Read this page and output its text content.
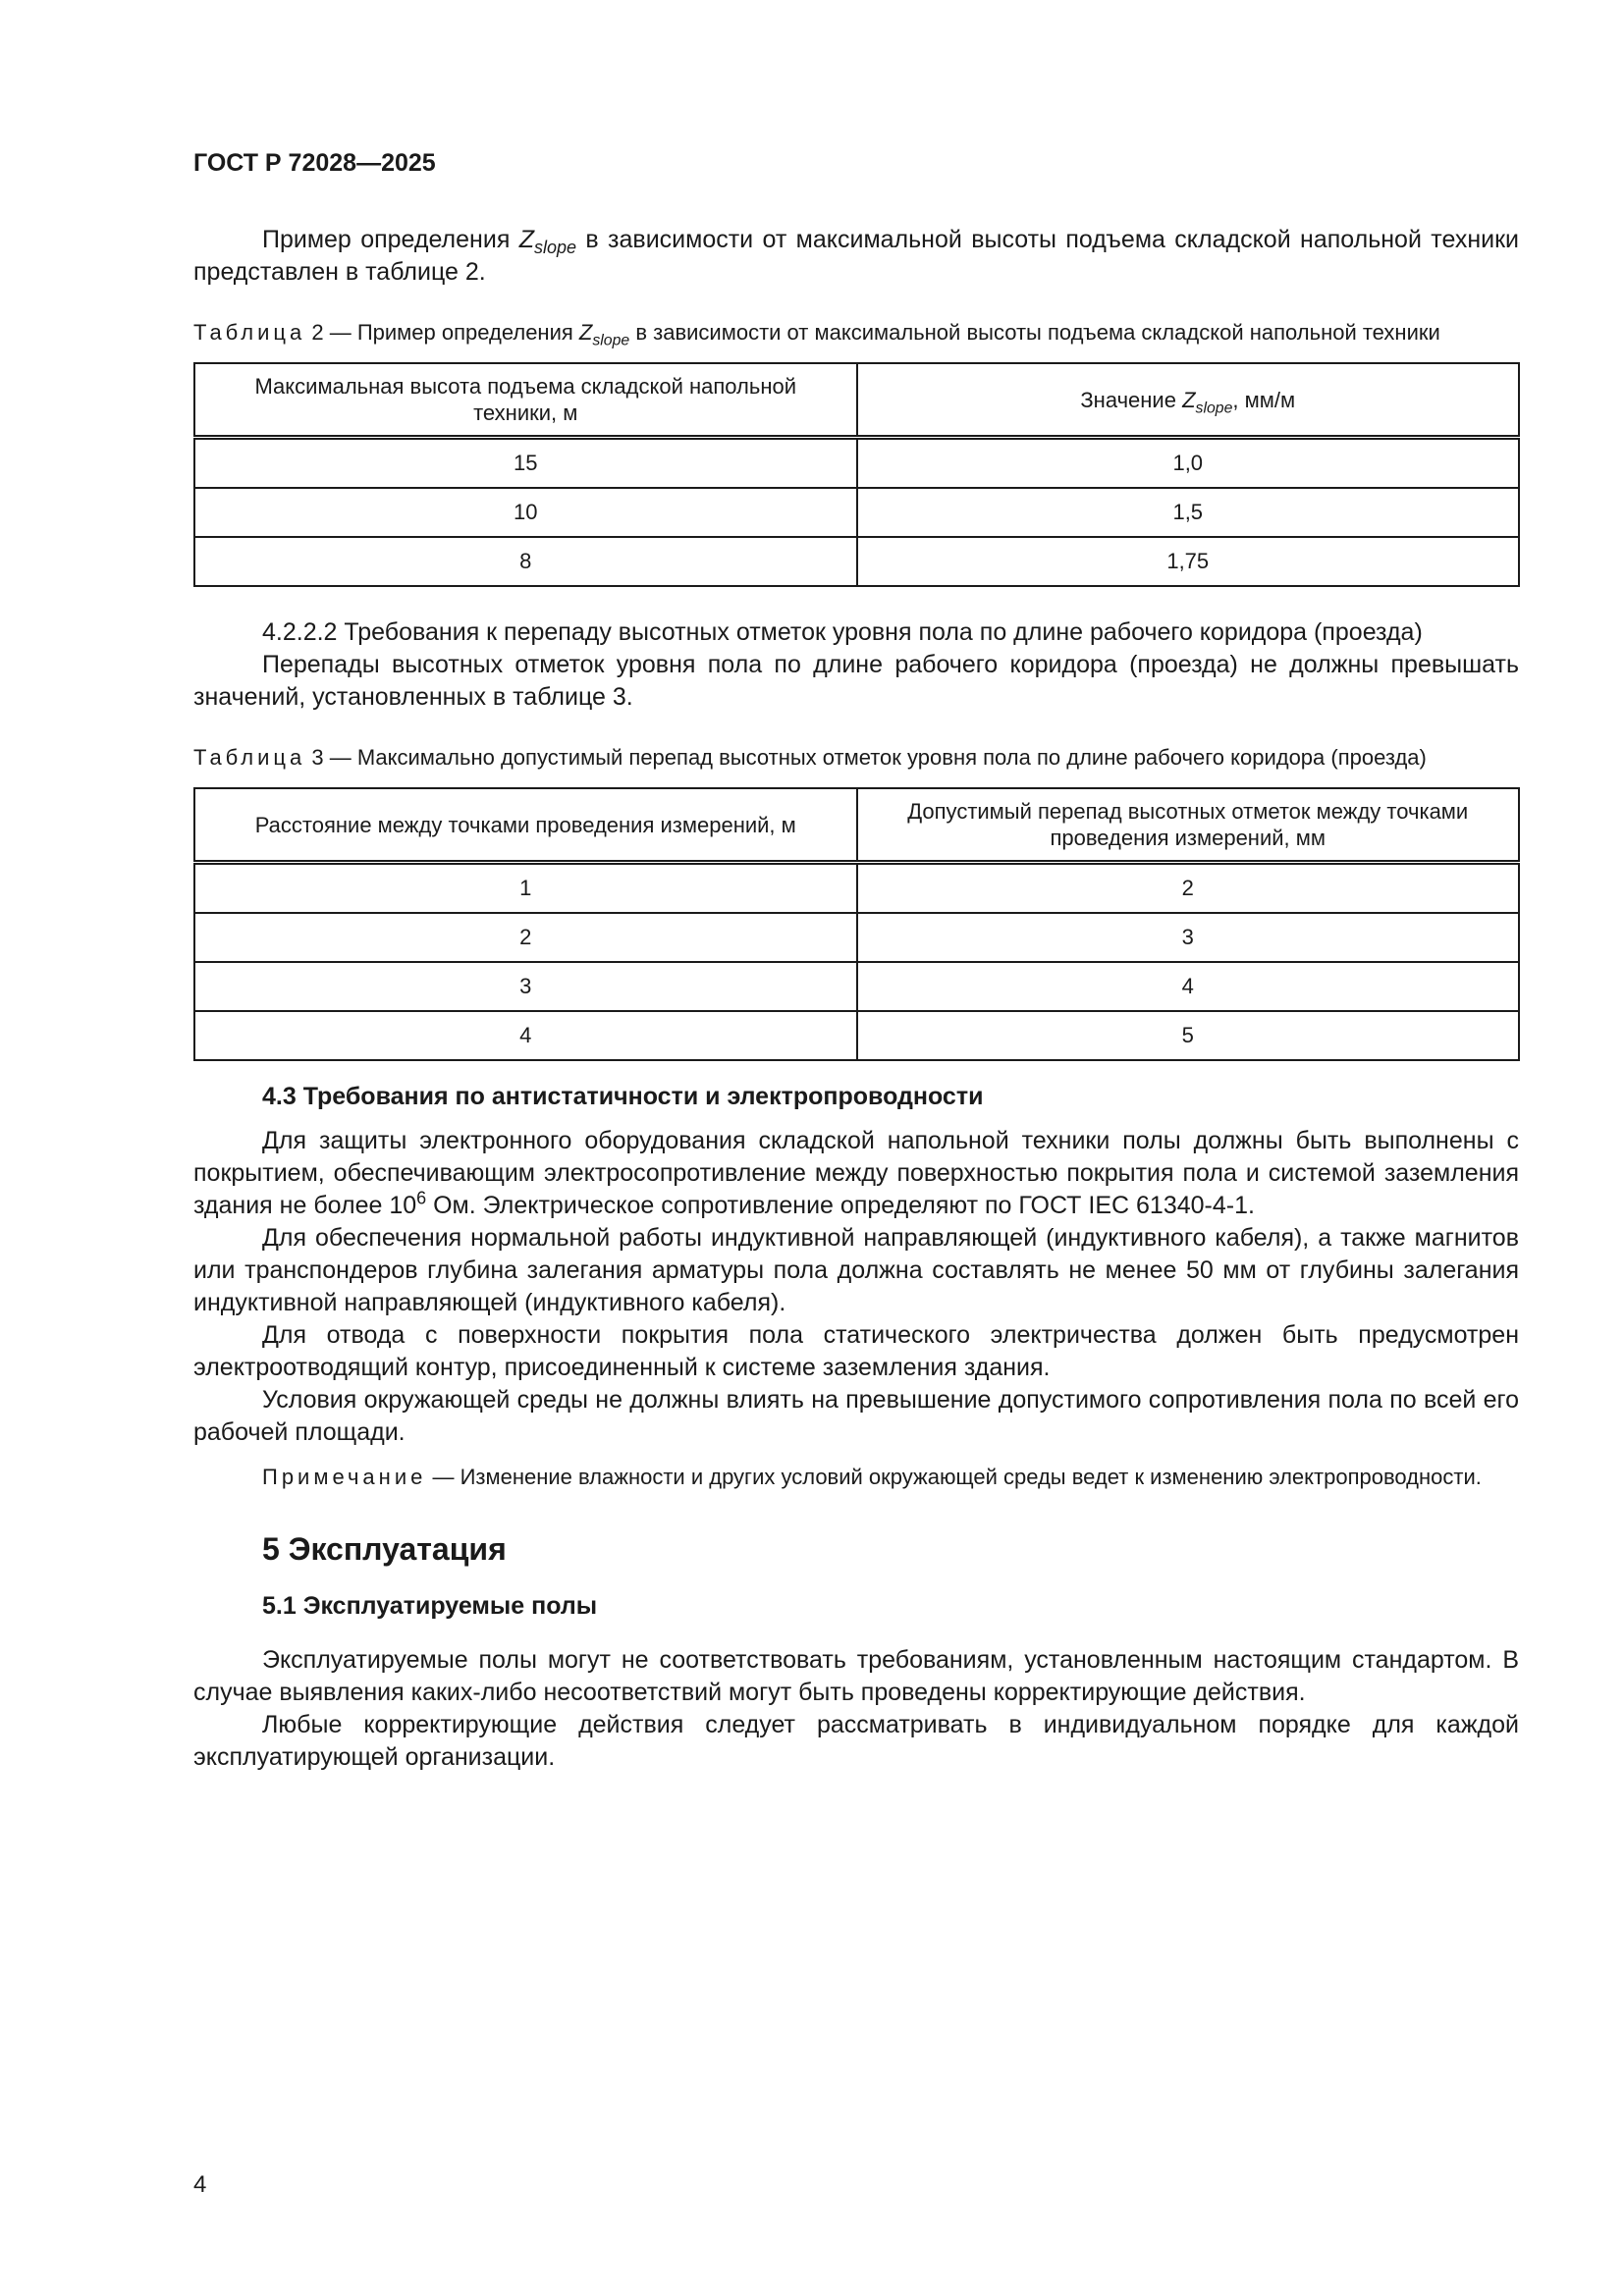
ГОСТ Р 72028—2025

Пример определения $Z_{slope}$ в зависимости от максимальной высоты подъема складской напольной техники представлен в таблице 2.

Таблица 2 — Пример определения $Z_{slope}$ в зависимости от максимальной высоты подъема складской напольной техники

Максимальная высота подъема складской напольной техники, м	Значение $Z_{slope}$, мм/м
15	1,0
10	1,5
8	1,75

4.2.2.2 Требования к перепаду высотных отметок уровня пола по длине рабочего коридора (проезда)

Перепады высотных отметок уровня пола по длине рабочего коридора (проезда) не должны превышать значений, установленных в таблице 3.

Таблица 3 — Максимально допустимый перепад высотных отметок уровня пола по длине рабочего коридора (проезда)

Расстояние между точками проведения измерений, м	Допустимый перепад высотных отметок между точками проведения измерений, мм
1	2
2	3
3	4
4	5
4.3 Требования по антистатичности и электропроводности

Для защиты электронного оборудования складской напольной техники полы должны быть выполнены с покрытием, обеспечивающим электросопротивление между поверхностью покрытия пола и системой заземления здания не более $10^6$ Ом. Электрическое сопротивление определяют по ГОСТ IEC 61340-4-1.

Для обеспечения нормальной работы индуктивной направляющей (индуктивного кабеля), а также магнитов или транспондеров глубина залегания арматуры пола должна составлять не менее 50 мм от глубины залегания индуктивной направляющей (индуктивного кабеля).

Для отвода с поверхности покрытия пола статического электричества должен быть предусмотрен электроотводящий контур, присоединенный к системе заземления здания.

Условия окружающей среды не должны влиять на превышение допустимого сопротивления пола по всей его рабочей площади.

Примечание — Изменение влажности и других условий окружающей среды ведет к изменению электропроводности.

5 Эксплуатация
5.1 Эксплуатируемые полы

Эксплуатируемые полы могут не соответствовать требованиям, установленным настоящим стандартом. В случае выявления каких-либо несоответствий могут быть проведены корректирующие действия.

Любые корректирующие действия следует рассматривать в индивидуальном порядке для каждой эксплуатирующей организации.

4
